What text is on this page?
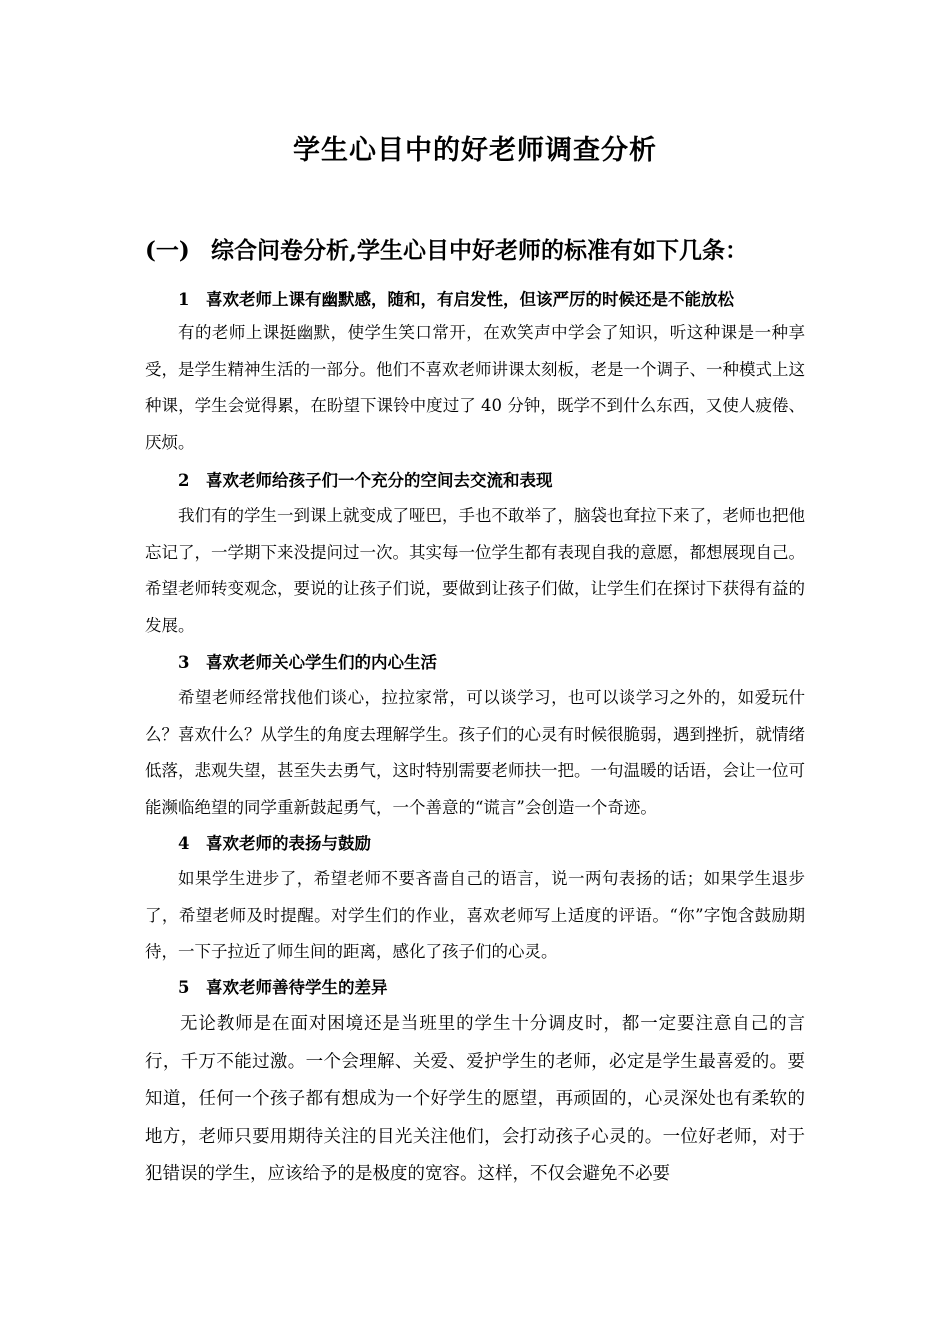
学生心目中的好老师调查分析
(一) 综合问卷分析,学生心目中好老师的标准有如下几条：
1 喜欢老师上课有幽默感，随和，有启发性，但该严厉的时候还是不能放松
有的老师上课挺幽默，使学生笑口常开，在欢笑声中学会了知识，听这种课是一种享受，是学生精神生活的一部分。他们不喜欢老师讲课太刻板，老是一个调子、一种模式上这种课，学生会觉得累，在盼望下课铃中度过了 40 分钟，既学不到什么东西，又使人疲倦、厌烦。
2 喜欢老师给孩子们一个充分的空间去交流和表现
我们有的学生一到课上就变成了哑巴，手也不敢举了，脑袋也耷拉下来了，老师也把他忘记了，一学期下来没提问过一次。其实每一位学生都有表现自我的意愿，都想展现自己。希望老师转变观念，要说的让孩子们说，要做到让孩子们做，让学生们在探讨下获得有益的发展。
3 喜欢老师关心学生们的内心生活
希望老师经常找他们谈心，拉拉家常，可以谈学习，也可以谈学习之外的，如爱玩什么？喜欢什么？从学生的角度去理解学生。孩子们的心灵有时候很脆弱，遇到挫折，就情绪低落，悲观失望，甚至失去勇气，这时特别需要老师扶一把。一句温暖的话语，会让一位可能濒临绝望的同学重新鼓起勇气，一个善意的“谎言”会创造一个奇迹。
4 喜欢老师的表扬与鼓励
如果学生进步了，希望老师不要吝啬自己的语言，说一两句表扬的话；如果学生退步了，希望老师及时提醒。对学生们的作业，喜欢老师写上适度的评语。“你”字饱含鼓励期待，一下子拉近了师生间的距离，感化了孩子们的心灵。
5 喜欢老师善待学生的差异
无论教师是在面对困境还是当班里的学生十分调皮时，都一定要注意自己的言行，千万不能过激。一个会理解、关爱、爱护学生的老师，必定是学生最喜爱的。要知道，任何一个孩子都有想成为一个好学生的愿望，再顽固的，心灵深处也有柔软的地方，老师只要用期待关注的目光关注他们，会打动孩子心灵的。一位好老师，对于犯错误的学生，应该给予的是极度的宽容。这样，不仅会避免不必要
